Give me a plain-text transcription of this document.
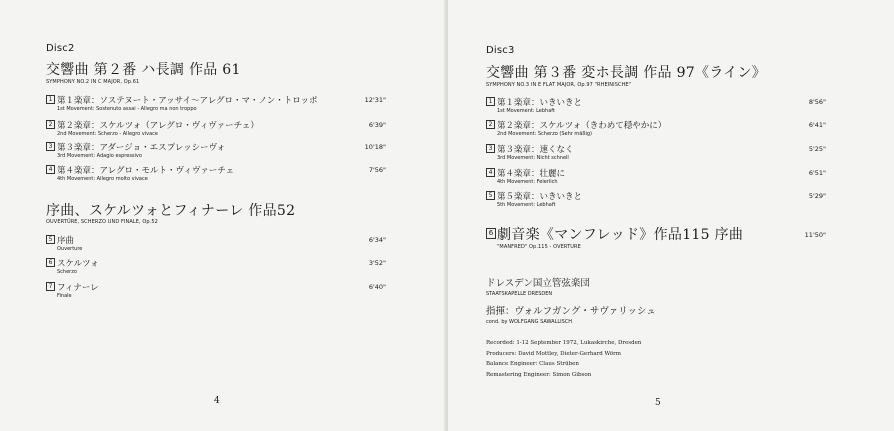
Disc2
交響曲 第２番 ハ長調 作品 61
SYMPHONY NO.2 IN C MAJOR, Op.61
1 第１楽章：ソステヌート・アッサイ～アレグロ・マ・ノン・トロッポ
1st Movement: Sostenuto assai - Allegro ma non troppo
12'31"
2 第２楽章：スケルツォ（アレグロ・ヴィヴァーチェ）
2nd Movement: Scherzo - Allegro vivace
6'39"
3 第３楽章：アダージョ・エスプレッシーヴォ
3rd Movement: Adagio espressivo
10'18"
4 第４楽章：アレグロ・モルト・ヴィヴァーチェ
4th Movement: Allegro molto vivace
7'56"
序曲、スケルツォとフィナーレ 作品52
OUVERTÜRE, SCHERZO UND FINALE, Op.52
5 序曲
Ouverture
6'34"
6 スケルツォ
Scherzo
3'52"
7 フィナーレ
Finale
6'40"
4
Disc3
交響曲 第３番 変ホ長調 作品 97《ライン》
SYMPHONY NO.3 IN E FLAT MAJOR, Op.97 "RHEINISCHE"
1 第１楽章：いきいきと
1st Movement: Lebhaft
8'56"
2 第２楽章：スケルツォ（きわめて穏やかに）
2nd Movement: Scherzo (Sehr mäßig)
6'41"
3 第３楽章：速くなく
3rd Movement: Nicht schnell
5'25"
4 第４楽章：壮麗に
4th Movement: Feierlich
6'51"
5 第５楽章：いきいきと
5th Movement: Lebhaft
5'29"
6 劇音楽《マンフレッド》作品115 序曲
"MANFRED" Op.115 - OVERTURE
11'50"
ドレスデン国立管弦楽団
STAATSKAPELLE DRESDEN
指揮：ヴォルフガング・サヴァリッシュ
cond. by WOLFGANG SAWALLISCH
Recorded: 1-12 September 1972, Lukaskirche, Dresden
Producers: David Mottley, Dieter-Gerhard Wörm
Balance Engineer: Claus Strüben
Remastering Engineer: Simon Gibson
5
